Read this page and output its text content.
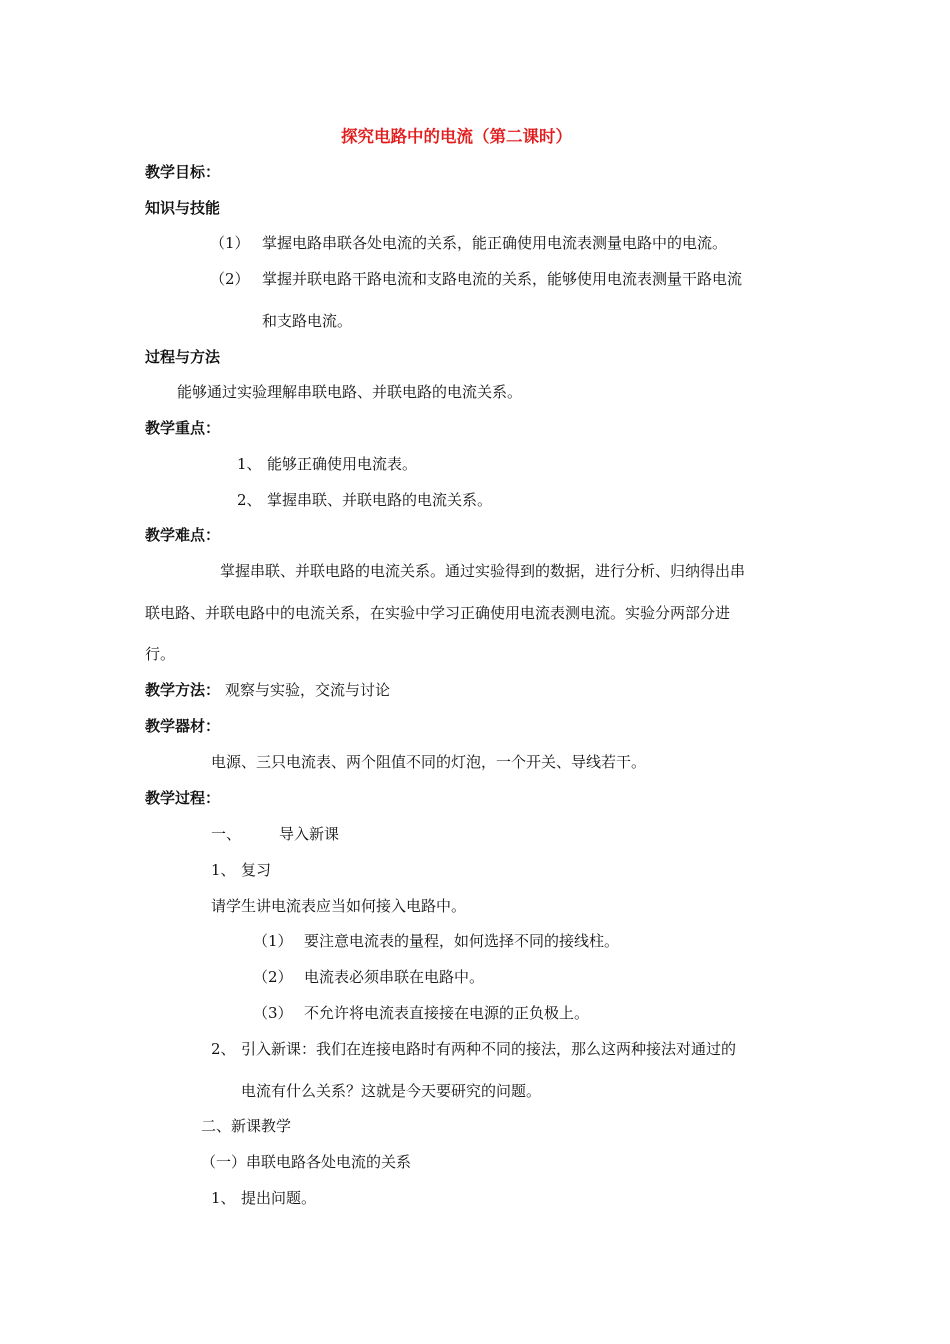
探究电路中的电流（第二课时）
教学目标：
知识与技能
（1） 掌握电路串联各处电流的关系，能正确使用电流表测量电路中的电流。
（2） 掌握并联电路干路电流和支路电流的关系，能够使用电流表测量干路电流
和支路电流。
过程与方法
能够通过实验理解串联电路、并联电路的电流关系。
教学重点：
1、 能够正确使用电流表。
2、 掌握串联、并联电路的电流关系。
教学难点：
掌握串联、并联电路的电流关系。通过实验得到的数据，进行分析、归纳得出串
联电路、并联电路中的电流关系，在实验中学习正确使用电流表测电流。实验分两部分进
行。
教学方法： 观察与实验，交流与讨论
教学器材：
电源、三只电流表、两个阻值不同的灯泡，一个开关、导线若干。
教学过程：
一、	导入新课
1、 复习
请学生讲电流表应当如何接入电路中。
（1） 要注意电流表的量程，如何选择不同的接线柱。
（2） 电流表必须串联在电路中。
（3） 不允许将电流表直接接在电源的正负极上。
2、 引入新课：我们在连接电路时有两种不同的接法，那么这两种接法对通过的
电流有什么关系？这就是今天要研究的问题。
二、新课教学
（一）串联电路各处电流的关系
1、 提出问题。
